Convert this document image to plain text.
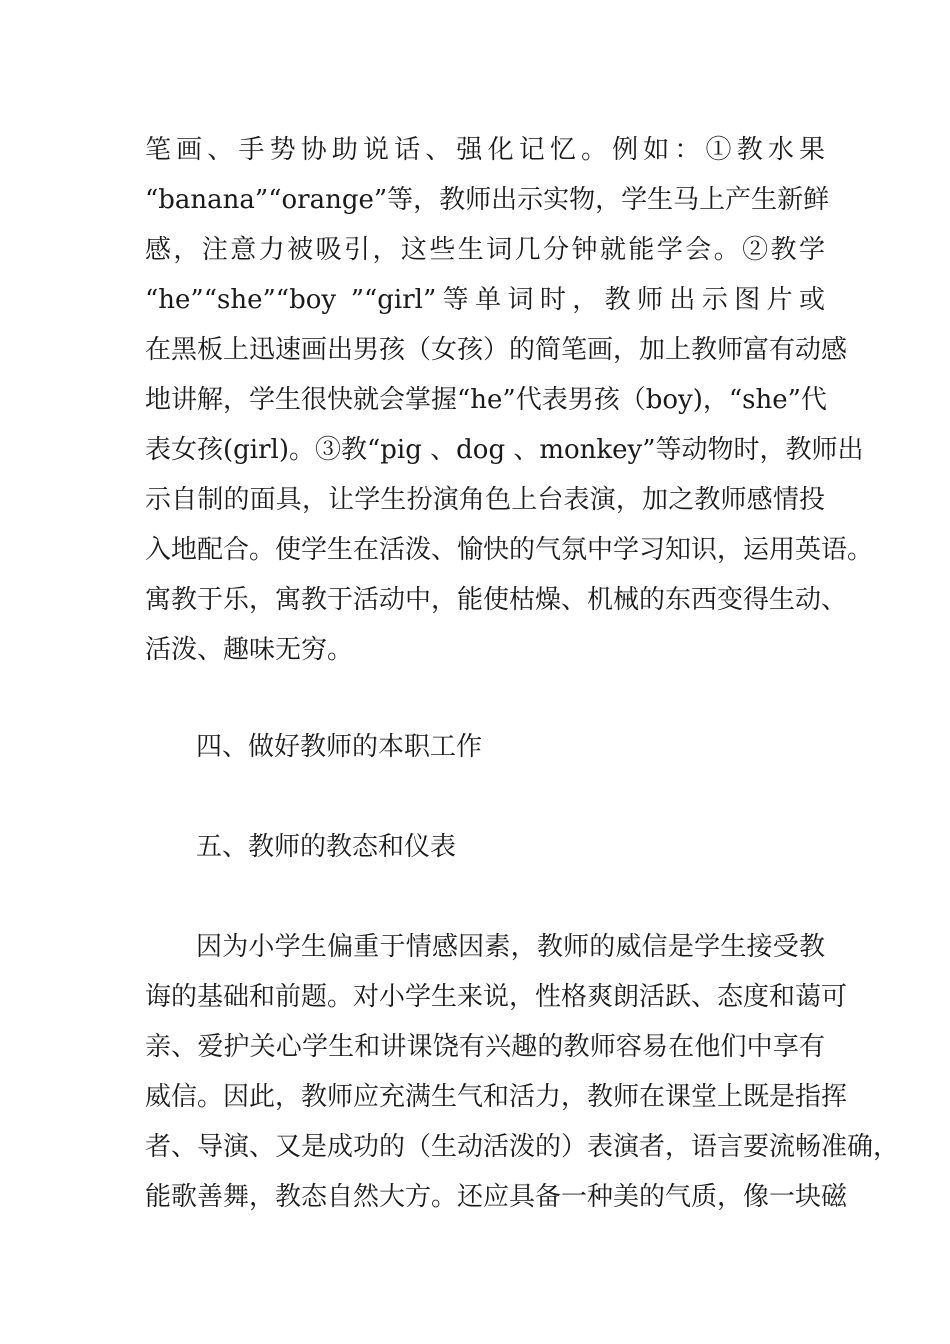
笔画、手势协助说话、强化记忆。例如：①教水果
“banana”“orange”等，教师出示实物，学生马上产生新鲜
感，注意力被吸引，这些生词几分钟就能学会。②教学
“he”“she”“boy ”“girl”等单词时，教师出示图片或
在黑板上迅速画出男孩（女孩）的简笔画，加上教师富有动感
地讲解，学生很快就会掌握“he”代表男孩（boy)，“she”代
表女孩(girl)。③教“pig 、dog 、monkey”等动物时，教师出
示自制的面具，让学生扮演角色上台表演，加之教师感情投
入地配合。使学生在活泼、愉快的气氛中学习知识，运用英语。
寓教于乐，寓教于活动中，能使枯燥、机械的东西变得生动、
活泼、趣味无穷。
四、做好教师的本职工作
五、教师的教态和仪表
因为小学生偏重于情感因素，教师的威信是学生接受教
诲的基础和前题。对小学生来说，性格爽朗活跃、态度和蔼可
亲、爱护关心学生和讲课饶有兴趣的教师容易在他们中享有
威信。因此，教师应充满生气和活力，教师在课堂上既是指挥
者、导演、又是成功的（生动活泼的）表演者，语言要流畅准确，
能歌善舞，教态自然大方。还应具备一种美的气质，像一块磁
